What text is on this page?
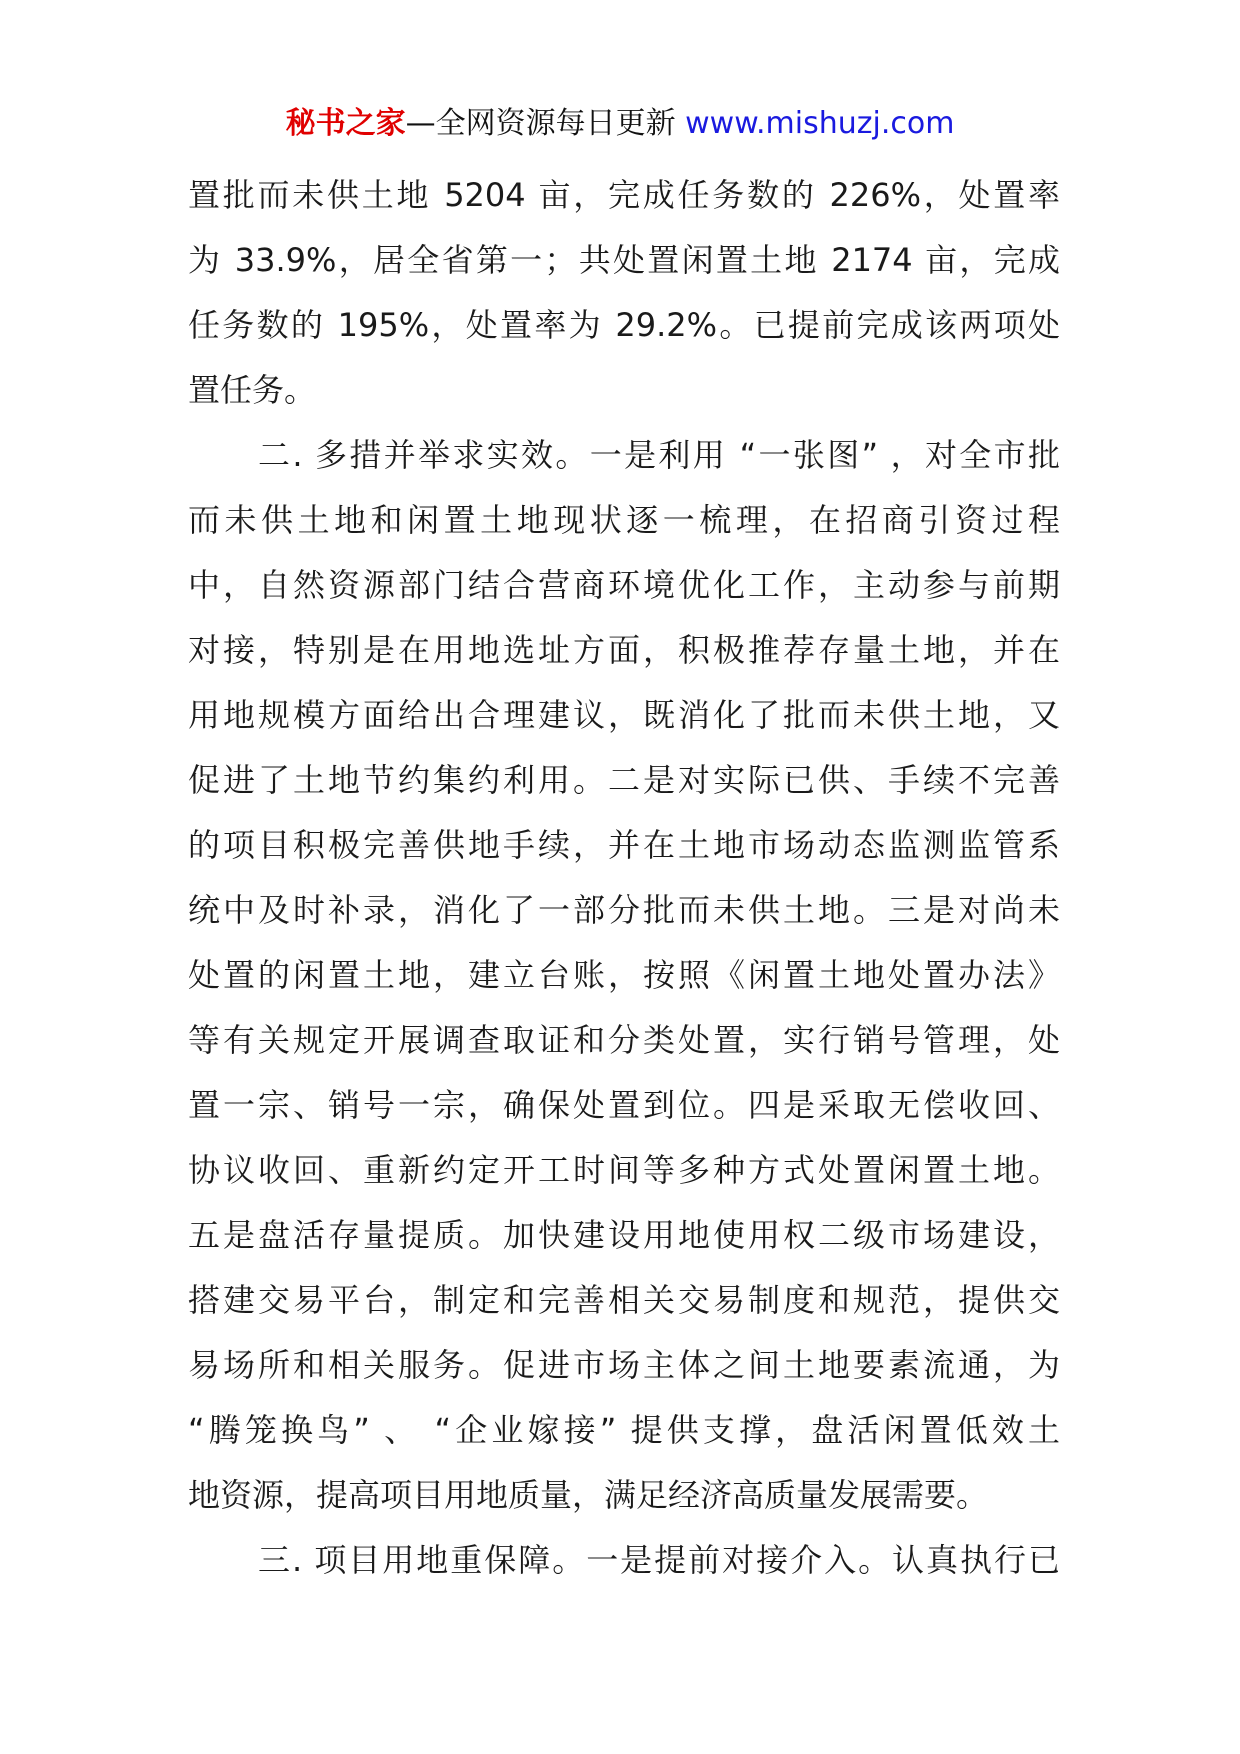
秘书之家—全网资源每日更新 www.mishuzj.com
置批而未供土地 5204 亩，完成任务数的 226%，处置率
为 33.9%，居全省第一；共处置闲置土地 2174 亩，完成
任务数的 195%，处置率为 29.2%。已提前完成该两项处
置任务。
二. 多措并举求实效。一是利用 “一张图” ，对全市批
而未供土地和闲置土地现状逐一梳理，在招商引资过程
中，自然资源部门结合营商环境优化工作，主动参与前期
对接，特别是在用地选址方面，积极推荐存量土地，并在
用地规模方面给出合理建议，既消化了批而未供土地，又
促进了土地节约集约利用。二是对实际已供、手续不完善
的项目积极完善供地手续，并在土地市场动态监测监管系
统中及时补录，消化了一部分批而未供土地。三是对尚未
处置的闲置土地，建立台账，按照《闲置土地处置办法》
等有关规定开展调查取证和分类处置，实行销号管理，处
置一宗、销号一宗，确保处置到位。四是采取无偿收回、
协议收回、重新约定开工时间等多种方式处置闲置土地。
五是盘活存量提质。加快建设用地使用权二级市场建设，
搭建交易平台，制定和完善相关交易制度和规范，提供交
易场所和相关服务。促进市场主体之间土地要素流通，为
“腾笼换鸟” 、 “企业嫁接” 提供支撑，盘活闲置低效土
地资源，提高项目用地质量，满足经济高质量发展需要。
三. 项目用地重保障。一是提前对接介入。认真执行已
